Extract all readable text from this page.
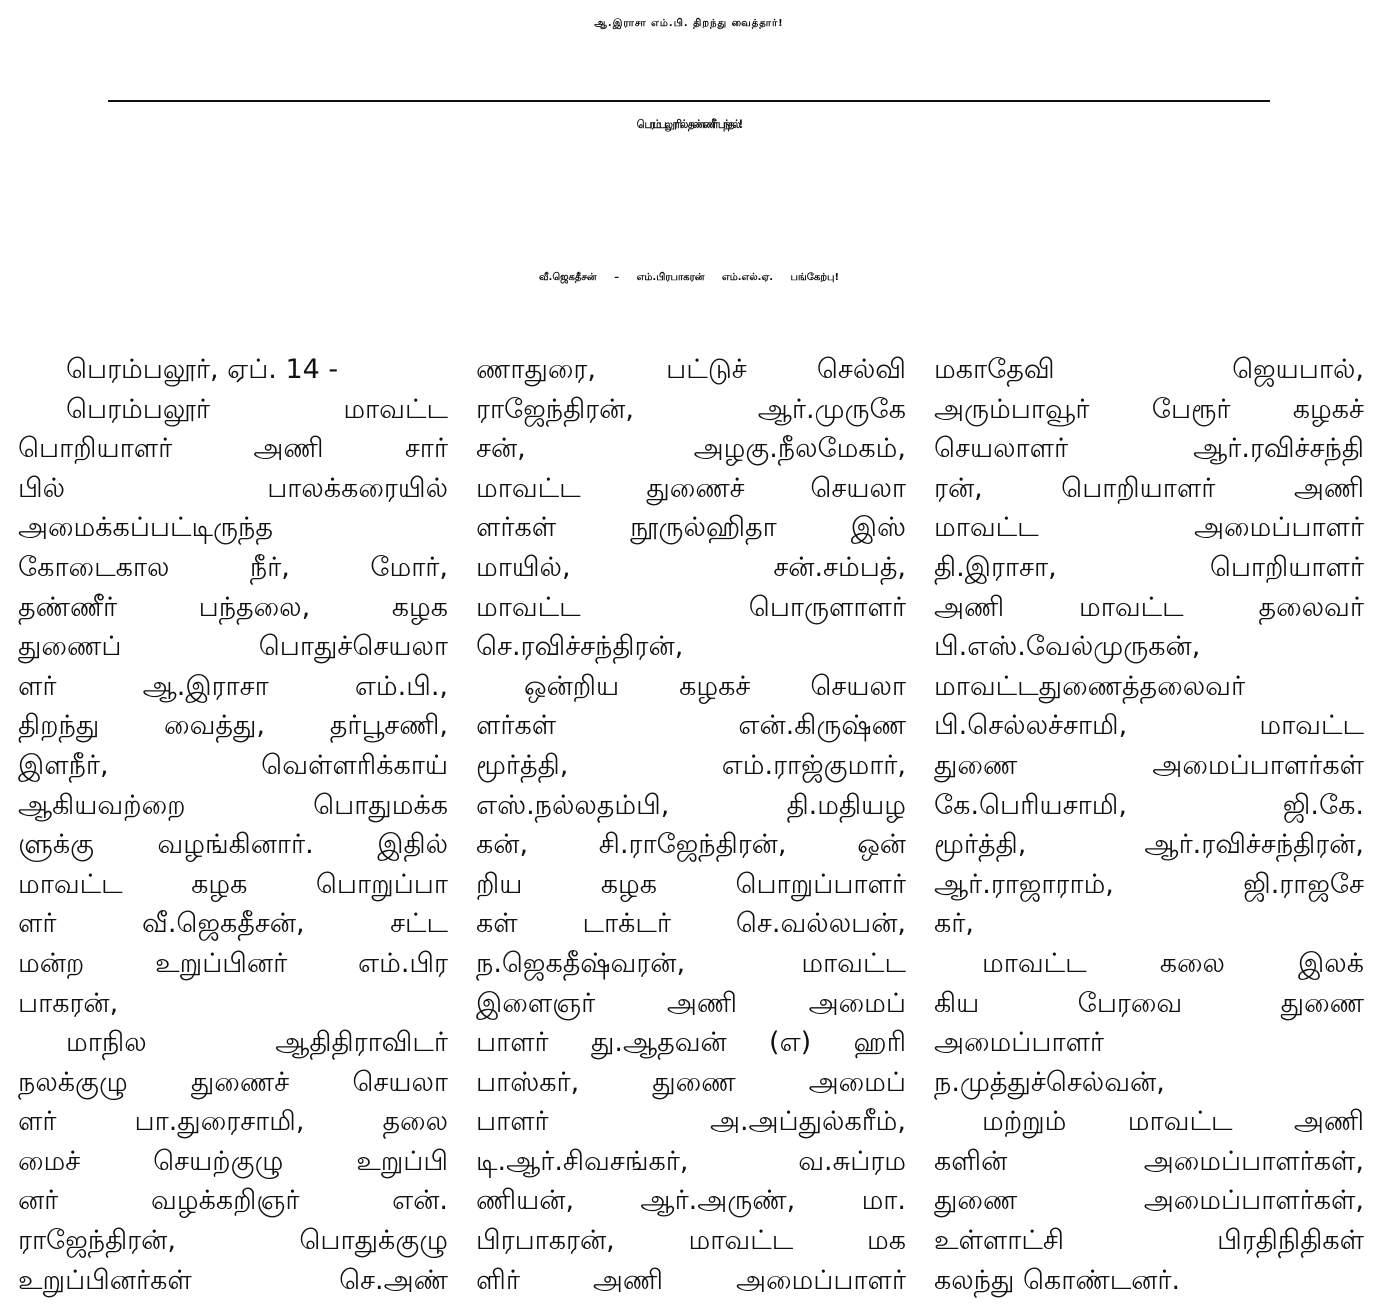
ஆ.இராசா எம்.பி. திறந்து வைத்தார்!
பெரம்பலூரில் தண்ணீர் பந்தல்!
வீ.ஜெகதீசன் – எம்.பிரபாகரன் எம்.எல்.ஏ. பங்கேற்பு!
பெரம்பலூர், ஏப். 14 -
பெரம்பலூர் மாவட்ட
பொறியாளர் அணி சார்
பில் பாலக்கரையில்
அமைக்கப்பட்டிருந்த
கோடைகால நீர், மோர்,
தண்ணீர் பந்தலை, கழக
துணைப் பொதுச்செயலா
ளர் ஆ.இராசா எம்.பி.,
திறந்து வைத்து, தர்பூசணி,
இளநீர், வெள்ளரிக்காய்
ஆகியவற்றை பொதுமக்க
ளுக்கு வழங்கினார். இதில்
மாவட்ட கழக பொறுப்பா
ளர் வீ.ஜெகதீசன், சட்ட
மன்ற உறுப்பினர் எம்.பிர
பாகரன்,
மாநில ஆதிதிராவிடர்
நலக்குழு துணைச் செயலா
ளர் பா.துரைசாமி, தலை
மைச் செயற்குழு உறுப்பி
னர் வழக்கறிஞர் என்.
ராஜேந்திரன், பொதுக்குழு
உறுப்பினர்கள் செ.அண்
ணாதுரை, பட்டுச் செல்வி
ராஜேந்திரன், ஆர்.முருகே
சன், அழகு.நீலமேகம்,
மாவட்ட துணைச் செயலா
ளர்கள் நூருல்ஹிதா இஸ்
மாயில், சன்.சம்பத்,
மாவட்ட பொருளாளர்
செ.ரவிச்சந்திரன்,
ஒன்றிய கழகச் செயலா
ளர்கள் என்.கிருஷ்ண
மூர்த்தி, எம்.ராஜ்குமார்,
எஸ்.நல்லதம்பி, தி.மதியழ
கன், சி.ராஜேந்திரன், ஒன்
றிய கழக பொறுப்பாளர்
கள் டாக்டர் செ.வல்லபன்,
ந.ஜெகதீஷ்வரன், மாவட்ட
இளைஞர் அணி அமைப்
பாளர் து.ஆதவன் (எ) ஹரி
பாஸ்கர், துணை அமைப்
பாளர் அ.அப்துல்கரீம்,
டி.ஆர்.சிவசங்கர், வ.சுப்ரம
ணியன், ஆர்.அருண், மா.
பிரபாகரன், மாவட்ட மக
ளிர் அணி அமைப்பாளர்
மகாதேவி ஜெயபால்,
அரும்பாவூர் பேரூர் கழகச்
செயலாளர் ஆர்.ரவிச்சந்தி
ரன், பொறியாளர் அணி
மாவட்ட அமைப்பாளர்
தி.இராசா, பொறியாளர்
அணி மாவட்ட தலைவர்
பி.எஸ்.வேல்முருகன்,
மாவட்டதுணைத்தலைவர்
பி.செல்லச்சாமி, மாவட்ட
துணை அமைப்பாளர்கள்
கே.பெரியசாமி, ஜி.கே.
மூர்த்தி, ஆர்.ரவிச்சந்திரன்,
ஆர்.ராஜாராம், ஜி.ராஜசே
கர்,
மாவட்ட கலை இலக்
கிய பேரவை துணை
அமைப்பாளர்
ந.முத்துச்செல்வன்,
மற்றும் மாவட்ட அணி
களின் அமைப்பாளர்கள்,
துணை அமைப்பாளர்கள்,
உள்ளாட்சி பிரதிநிதிகள்
கலந்து கொண்டனர்.
